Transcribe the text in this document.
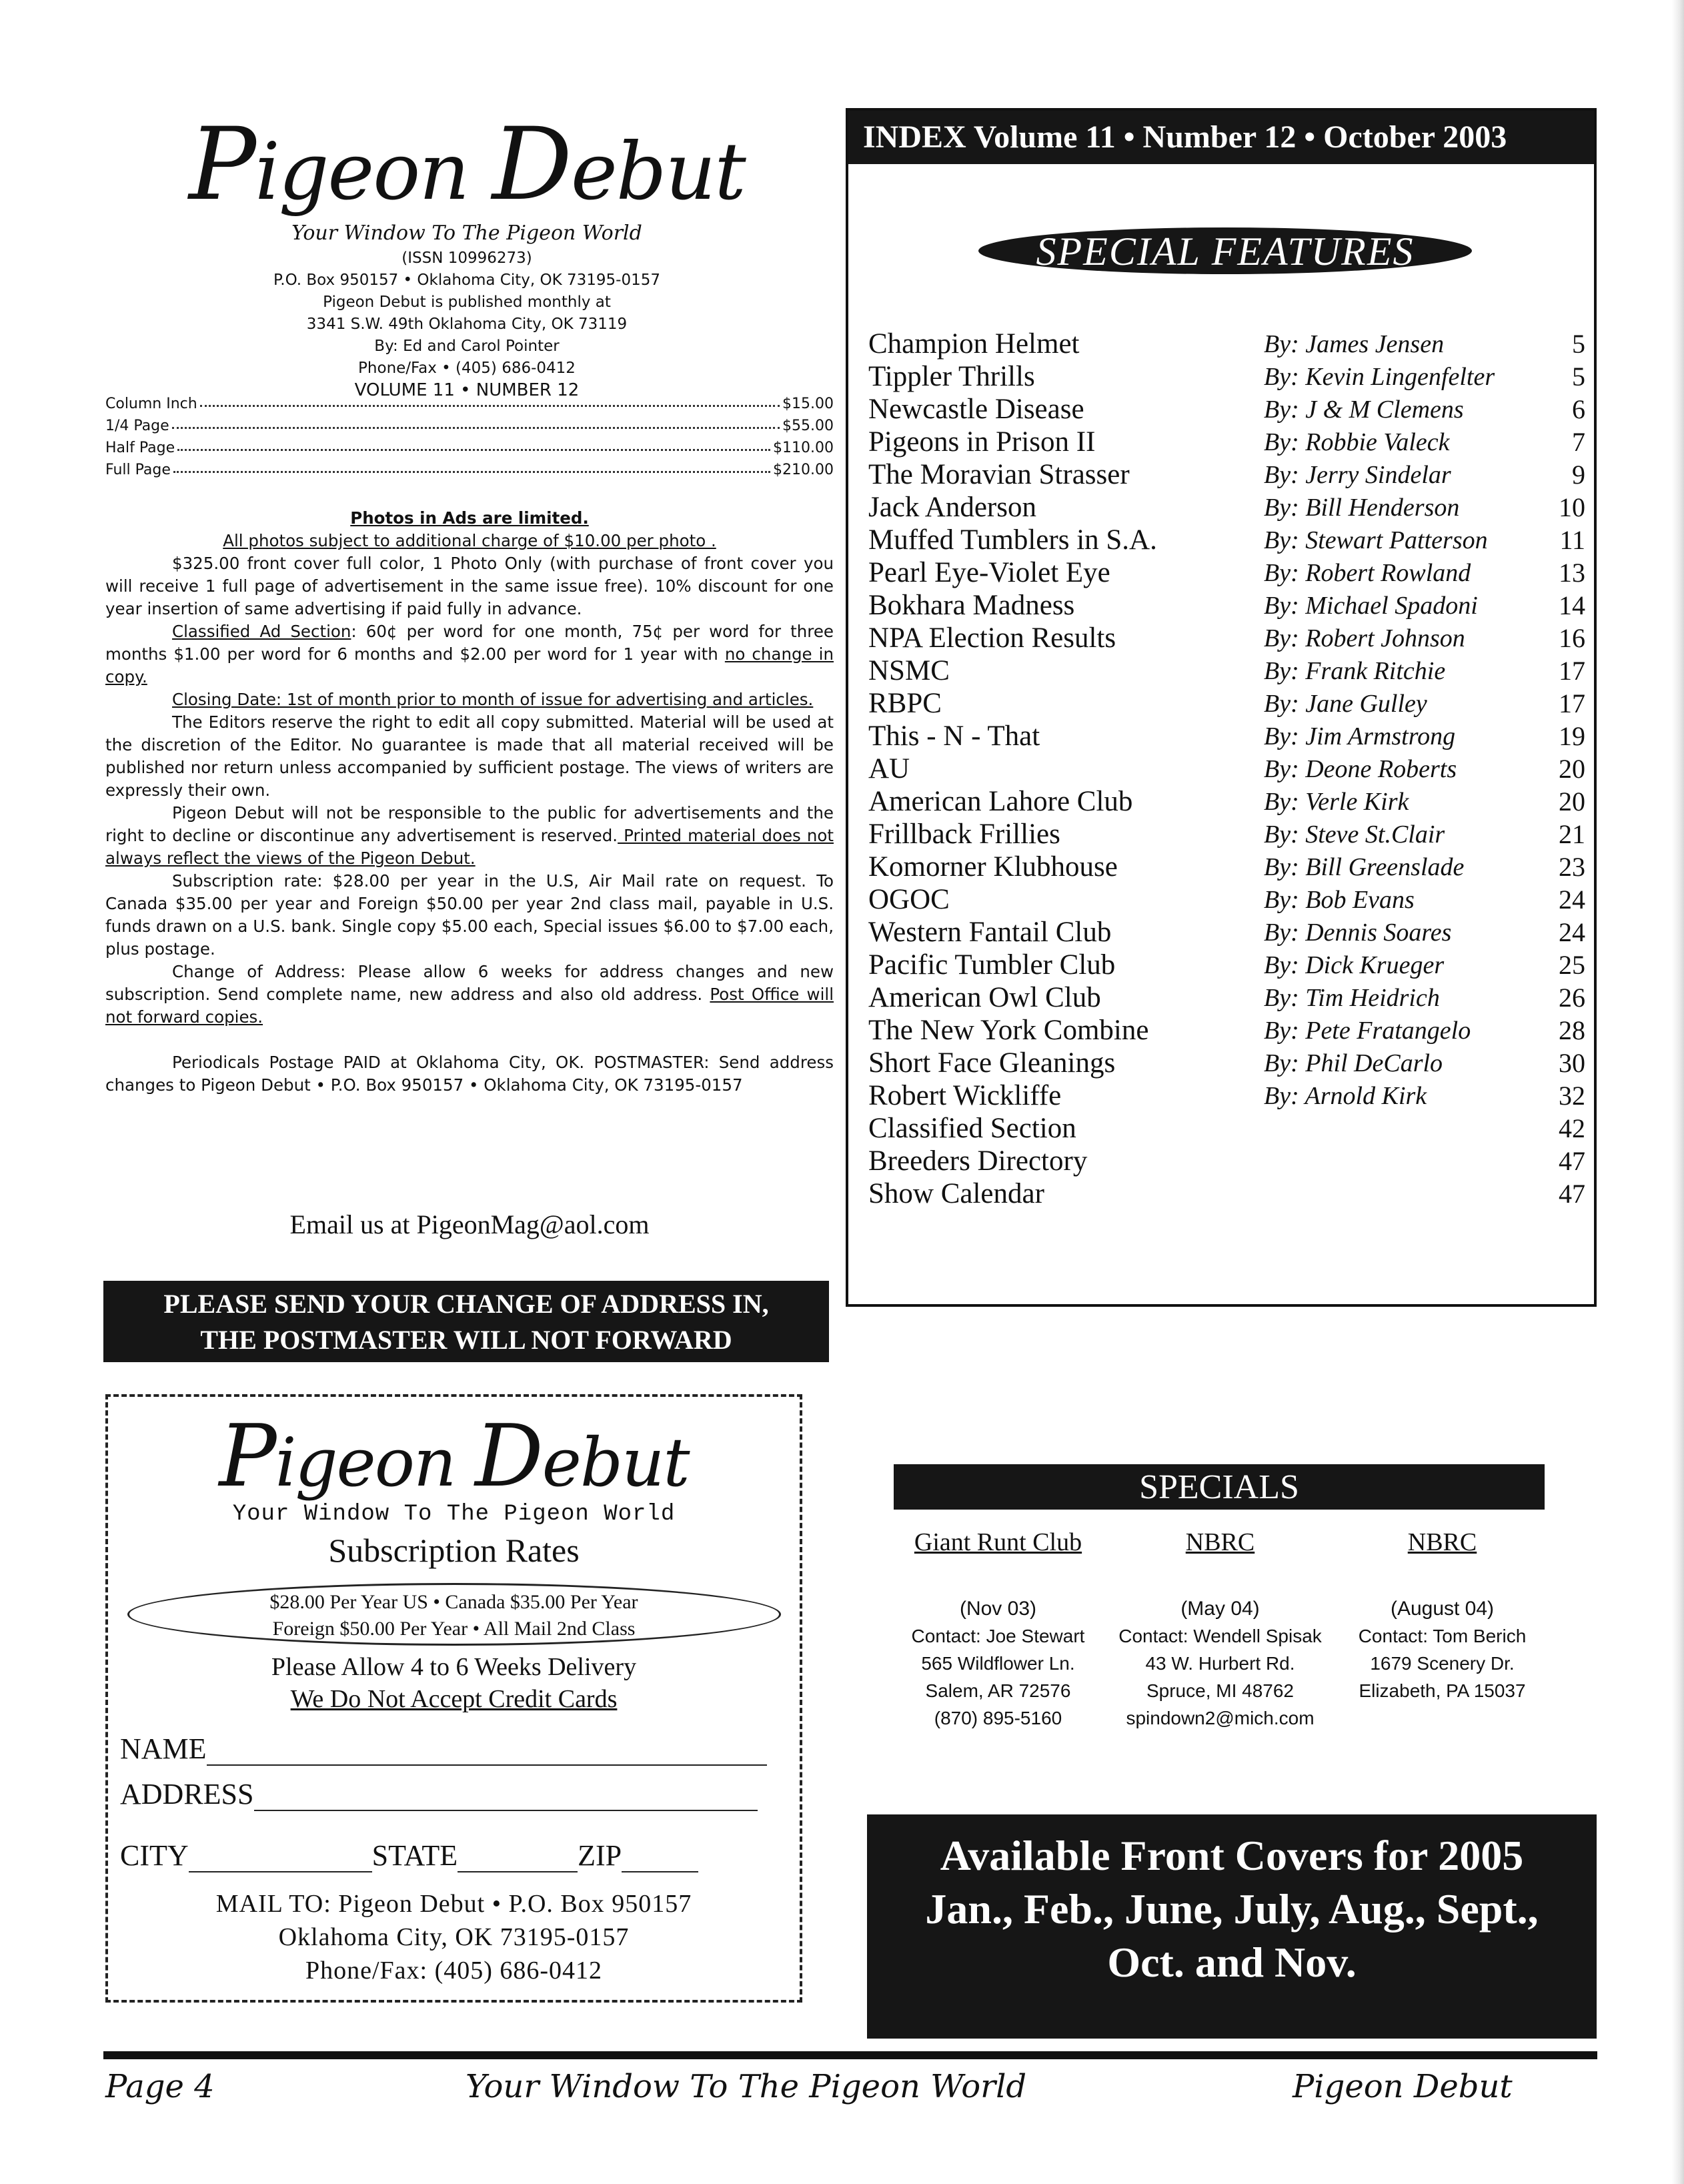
Pigeon Debut
Your Window To The Pigeon World
(ISSN 10996273)
P.O. Box 950157 • Oklahoma City, OK 73195-0157
Pigeon Debut is published monthly at
3341 S.W. 49th Oklahoma City, OK 73119
By: Ed and Carol Pointer
Phone/Fax • (405) 686-0412
VOLUME 11 • NUMBER 12
Column Inch	$15.00
1/4 Page	$55.00
Half Page	$110.00
Full Page	$210.00

Photos in Ads are limited.

All photos subject to additional charge of $10.00 per photo .

$325.00 front cover full color, 1 Photo Only (with purchase of front cover you will receive 1 full page of advertisement in the same issue free). 10% discount for one year insertion of same advertising if paid fully in advance.

Classified Ad Section: 60¢ per word for one month, 75¢ per word for three months $1.00 per word for 6 months and $2.00 per word for 1 year with no change in copy.

Closing Date: 1st of month prior to month of issue for advertising and articles.

The Editors reserve the right to edit all copy submitted. Material will be used at the discretion of the Editor. No guarantee is made that all material received will be published nor return unless accompanied by sufficient postage. The views of writers are expressly their own.

Pigeon Debut will not be responsible to the public for advertisements and the right to decline or discontinue any advertisement is reserved. Printed material does not always reflect the views of the Pigeon Debut.

Subscription rate: $28.00 per year in the U.S, Air Mail rate on request. To Canada $35.00 per year and Foreign $50.00 per year 2nd class mail, payable in U.S. funds drawn on a U.S. bank. Single copy $5.00 each, Special issues $6.00 to $7.00 each, plus postage.

Change of Address: Please allow 6 weeks for address changes and new subscription. Send complete name, new address and also old address. Post Office will not forward copies.

Periodicals Postage PAID at Oklahoma City, OK. POSTMASTER: Send address changes to Pigeon Debut • P.O. Box 950157 • Oklahoma City, OK 73195-0157

Email us at PigeonMag@aol.com
PLEASE SEND YOUR CHANGE OF ADDRESS IN,
THE POSTMASTER WILL NOT FORWARD
Pigeon Debut
Your Window To The Pigeon World
Subscription Rates
$28.00 Per Year US • Canada $35.00 Per Year
Foreign $50.00 Per Year • All Mail 2nd Class
Please Allow 4 to 6 Weeks Delivery
We Do Not Accept Credit Cards
NAME
ADDRESS
CITY	STATE	ZIP
MAIL TO: Pigeon Debut • P.O. Box 950157
Oklahoma City, OK 73195-0157
Phone/Fax: (405) 686-0412
INDEX Volume 11 • Number 12 • October 2003
SPECIAL FEATURES
Champion Helmet	By: James Jensen	5
Tippler Thrills	By: Kevin Lingenfelter	5
Newcastle Disease	By: J & M Clemens	6
Pigeons in Prison II	By: Robbie Valeck	7
The Moravian Strasser	By: Jerry Sindelar	9
Jack Anderson	By: Bill Henderson	10
Muffed Tumblers in S.A.	By: Stewart Patterson	11
Pearl Eye-Violet Eye	By: Robert Rowland	13
Bokhara Madness	By: Michael Spadoni	14
NPA Election Results	By: Robert Johnson	16
NSMC	By: Frank Ritchie	17
RBPC	By: Jane Gulley	17
This - N - That	By: Jim Armstrong	19
AU	By: Deone Roberts	20
American Lahore Club	By: Verle Kirk	20
Frillback Frillies	By: Steve St.Clair	21
Komorner Klubhouse	By: Bill Greenslade	23
OGOC	By: Bob Evans	24
Western Fantail Club	By: Dennis Soares	24
Pacific Tumbler Club	By: Dick Krueger	25
American Owl Club	By: Tim Heidrich	26
The New York Combine	By: Pete Fratangelo	28
Short Face Gleanings	By: Phil DeCarlo	30
Robert Wickliffe	By: Arnold Kirk	32
Classified Section	42
Breeders Directory	47
Show Calendar	47
SPECIALS
Giant Runt Club
(Nov 03)
Contact: Joe Stewart
565 Wildflower Ln.
Salem, AR 72576
(870) 895-5160
NBRC
(May 04)
Contact: Wendell Spisak
43 W. Hurbert Rd.
Spruce, MI 48762
spindown2@mich.com
NBRC
(August 04)
Contact: Tom Berich
1679 Scenery Dr.
Elizabeth, PA 15037
Available Front Covers for 2005
Jan., Feb., June, July, Aug., Sept.,
Oct. and Nov.
Page 4	Your Window To The Pigeon World	Pigeon Debut
